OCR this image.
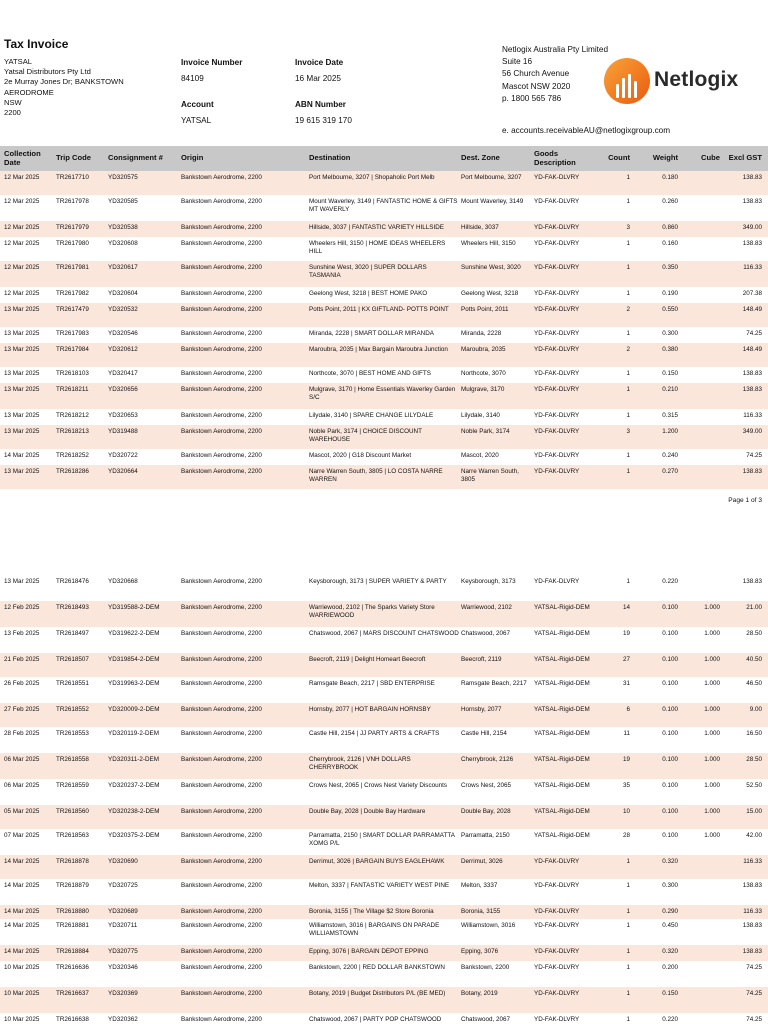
Tax Invoice
YATSAL
Yatsal Distributors Pty Ltd
2e Murray Jones Dr; BANKSTOWN
AERODROME
NSW
2200
Invoice Number
84109
Invoice Date
16 Mar 2025
Account
YATSAL
ABN Number
19 615 319 170
Netlogix Australia Pty Limited
Suite 16
56 Church Avenue
Mascot NSW 2020
p. 1800 565 786
e. accounts.receivableAU@netlogixgroup.com
Netlogix
Collection Date	Trip Code	Consignment #	Origin	Destination	Dest. Zone	Goods Description	Count	Weight	Cube	Excl GST
12 Mar 2025	TR2617710	YD320575	Bankstown Aerodrome, 2200	Port Melbourne, 3207 | Shopaholic Port Melb	Port Melbourne, 3207	YD-FAK-DLVRY	1	0.180	138.83
12 Mar 2025	TR2617978	YD320585	Bankstown Aerodrome, 2200	Mount Waverley, 3149 | FANTASTIC HOME & GIFTS MT WAVERLY
Mount Waverley, 3149	YD-FAK-DLVRY	1	0.260	138.83
12 Mar 2025	TR2617979	YD320538	Bankstown Aerodrome, 2200	Hillside, 3037 | FANTASTIC VARIETY HILLSIDE	Hillside, 3037	YD-FAK-DLVRY	3	0.860	349.00
12 Mar 2025	TR2617980	YD320608	Bankstown Aerodrome, 2200	Wheelers Hill, 3150 | HOME IDEAS WHEELERS HILL
Wheelers Hill, 3150	YD-FAK-DLVRY	1	0.160	138.83
12 Mar 2025	TR2617981	YD320617	Bankstown Aerodrome, 2200	Sunshine West, 3020 | SUPER DOLLARS TASMANIA
Sunshine West, 3020	YD-FAK-DLVRY	1	0.350	116.33
12 Mar 2025	TR2617982	YD320604	Bankstown Aerodrome, 2200	Geelong West, 3218 | BEST HOME PAKO	Geelong West, 3218	YD-FAK-DLVRY	1	0.190	207.38
13 Mar 2025	TR2617479	YD320532	Bankstown Aerodrome, 2200	Potts Point, 2011 | KX GIFTLAND- POTTS POINT	Potts Point, 2011	YD-FAK-DLVRY	2	0.550	148.49
13 Mar 2025	TR2617983	YD320546	Bankstown Aerodrome, 2200	Miranda, 2228 | SMART DOLLAR MIRANDA	Miranda, 2228	YD-FAK-DLVRY	1	0.300	74.25
13 Mar 2025	TR2617984	YD320612	Bankstown Aerodrome, 2200	Maroubra, 2035 | Max Bargain Maroubra Junction	Maroubra, 2035	YD-FAK-DLVRY	2	0.380	148.49
13 Mar 2025	TR2618103	YD320417	Bankstown Aerodrome, 2200	Northcote, 3070 | BEST HOME AND GIFTS	Northcote, 3070	YD-FAK-DLVRY	1	0.150	138.83
13 Mar 2025	TR2618211	YD320656	Bankstown Aerodrome, 2200	Mulgrave, 3170 | Home Essentials Waverley Garden S/C
Mulgrave, 3170	YD-FAK-DLVRY	1	0.210	138.83
13 Mar 2025	TR2618212	YD320653	Bankstown Aerodrome, 2200	Lilydale, 3140 | SPARE CHANGE LILYDALE	Lilydale, 3140	YD-FAK-DLVRY	1	0.315	116.33
13 Mar 2025	TR2618213	YD319488	Bankstown Aerodrome, 2200	Noble Park, 3174 | CHOICE DISCOUNT WAREHOUSE
Noble Park, 3174	YD-FAK-DLVRY	3	1.200	349.00
14 Mar 2025	TR2618252	YD320722	Bankstown Aerodrome, 2200	Mascot, 2020 | G18 Discount Market	Mascot, 2020	YD-FAK-DLVRY	1	0.240	74.25
13 Mar 2025	TR2618286	YD320664	Bankstown Aerodrome, 2200	Narre Warren South, 3805 | LO COSTA NARRE WARREN
Narre Warren South, 3805
YD-FAK-DLVRY	1	0.270	138.83
Page 1 of 3
13 Mar 2025	TR2618476	YD320668	Bankstown Aerodrome, 2200	Keysborough, 3173 | SUPER VARIETY & PARTY	Keysborough, 3173	YD-FAK-DLVRY	1	0.220	138.83
12 Feb 2025	TR2618493	YD319588-2-DEM	Bankstown Aerodrome, 2200	Warriewood, 2102 | The Sparks Variety Store WARRIEWOOD
Warriewood, 2102	YATSAL-Rigid-DEM	14	0.100	1.000	21.00
13 Feb 2025	TR2618497	YD319622-2-DEM	Bankstown Aerodrome, 2200	Chatswood, 2067 | MARS DISCOUNT CHATSWOOD Chatswood, 2067	YATSAL-Rigid-DEM	19	0.100	1.000	28.50
21 Feb 2025	TR2618507	YD319854-2-DEM	Bankstown Aerodrome, 2200	Beecroft, 2119 | Delight Homeart Beecroft	Beecroft, 2119	YATSAL-Rigid-DEM	27	0.100	1.000	40.50
26 Feb 2025	TR2618551	YD319963-2-DEM	Bankstown Aerodrome, 2200	Ramsgate Beach, 2217 | SBD ENTERPRISE	Ramsgate Beach, 2217	YATSAL-Rigid-DEM	31	0.100	1.000	46.50
27 Feb 2025	TR2618552	YD320009-2-DEM	Bankstown Aerodrome, 2200	Hornsby, 2077 | HOT BARGAIN HORNSBY	Hornsby, 2077	YATSAL-Rigid-DEM	6	0.100	1.000	9.00
28 Feb 2025	TR2618553	YD320119-2-DEM	Bankstown Aerodrome, 2200	Castle Hill, 2154 | JJ PARTY ARTS & CRAFTS	Castle Hill, 2154	YATSAL-Rigid-DEM	11	0.100	1.000	16.50
06 Mar 2025	TR2618558	YD320311-2-DEM	Bankstown Aerodrome, 2200	Cherrybrook, 2126 | VNH DOLLARS CHERRYBROOK
Cherrybrook, 2126	YATSAL-Rigid-DEM	19	0.100	1.000	28.50
06 Mar 2025	TR2618559	YD320237-2-DEM	Bankstown Aerodrome, 2200	Crows Nest, 2065 | Crows Nest Variety Discounts	Crows Nest, 2065	YATSAL-Rigid-DEM	35	0.100	1.000	52.50
05 Mar 2025	TR2618560	YD320238-2-DEM	Bankstown Aerodrome, 2200	Double Bay, 2028 | Double Bay Hardware	Double Bay, 2028	YATSAL-Rigid-DEM	10	0.100	1.000	15.00
07 Mar 2025	TR2618563	YD320375-2-DEM	Bankstown Aerodrome, 2200	Parramatta, 2150 | SMART DOLLAR PARRAMATTA XOMG P/L
Parramatta, 2150	YATSAL-Rigid-DEM	28	0.100	1.000	42.00
14 Mar 2025	TR2618878	YD320690	Bankstown Aerodrome, 2200	Derrimut, 3026 | BARGAIN BUYS EAGLEHAWK	Derrimut, 3026	YD-FAK-DLVRY	1	0.320	116.33
14 Mar 2025	TR2618879	YD320725	Bankstown Aerodrome, 2200	Melton, 3337 | FANTASTIC VARIETY WEST PINE	Melton, 3337	YD-FAK-DLVRY	1	0.300	138.83
14 Mar 2025	TR2618880	YD320689	Bankstown Aerodrome, 2200	Boronia, 3155 | The Village $2 Store Boronia	Boronia, 3155	YD-FAK-DLVRY	1	0.290	116.33
14 Mar 2025	TR2618881	YD320711	Bankstown Aerodrome, 2200	Williamstown, 3016 | BARGAINS ON PARADE WILLIAMSTOWN
Williamstown, 3016	YD-FAK-DLVRY	1	0.450	138.83
14 Mar 2025	TR2618884	YD320775	Bankstown Aerodrome, 2200	Epping, 3076 | BARGAIN DEPOT EPPING	Epping, 3076	YD-FAK-DLVRY	1	0.320	138.83
10 Mar 2025	TR2616636	YD320346	Bankstown Aerodrome, 2200	Bankstown, 2200 | RED DOLLAR BANKSTOWN	Bankstown, 2200	YD-FAK-DLVRY	1	0.200	74.25
10 Mar 2025	TR2616637	YD320369	Bankstown Aerodrome, 2200	Botany, 2019 | Budget Distributors P/L (BE MED)	Botany, 2019	YD-FAK-DLVRY	1	0.150	74.25
10 Mar 2025	TR2616638	YD320362	Bankstown Aerodrome, 2200	Chatswood, 2067 | PARTY POP CHATSWOOD	Chatswood, 2067	YD-FAK-DLVRY	1	0.220	74.25
